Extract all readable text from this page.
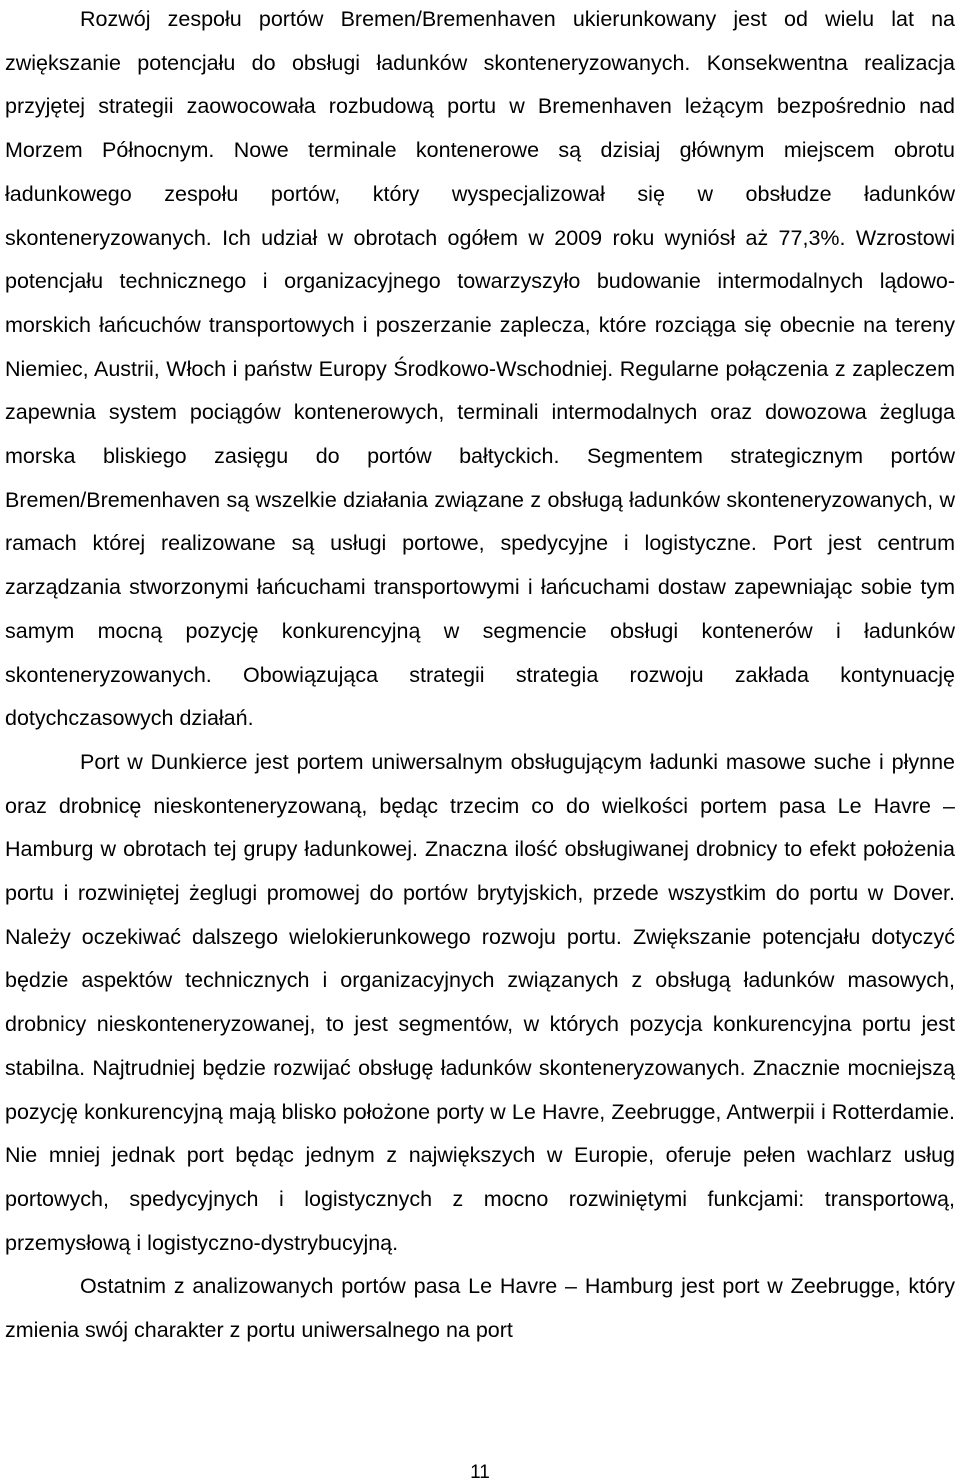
Rozwój zespołu portów Bremen/Bremenhaven ukierunkowany jest od wielu lat na zwiększanie potencjału do obsługi ładunków skonteneryzowanych. Konsekwentna realizacja przyjętej strategii zaowocowała rozbudową portu w Bremenhaven leżącym bezpośrednio nad Morzem Północnym. Nowe terminale kontenerowe są dzisiaj głównym miejscem obrotu ładunkowego zespołu portów, który wyspecjalizował się w obsłudze ładunków skonteneryzowanych. Ich udział w obrotach ogółem w 2009 roku wyniósł aż 77,3%. Wzrostowi potencjału technicznego i organizacyjnego towarzyszyło budowanie intermodalnych lądowo-morskich łańcuchów transportowych i poszerzanie zaplecza, które rozciąga się obecnie na tereny Niemiec, Austrii, Włoch i państw Europy Środkowo-Wschodniej. Regularne połączenia z zapleczem zapewnia system pociągów kontenerowych, terminali intermodalnych oraz dowozowa żegluga morska bliskiego zasięgu do portów bałtyckich. Segmentem strategicznym portów Bremen/Bremenhaven są wszelkie działania związane z obsługą ładunków skonteneryzowanych, w ramach której realizowane są usługi portowe, spedycyjne i logistyczne. Port jest centrum zarządzania stworzonymi łańcuchami transportowymi i łańcuchami dostaw zapewniając sobie tym samym mocną pozycję konkurencyjną w segmencie obsługi kontenerów i ładunków skonteneryzowanych. Obowiązująca strategii strategia rozwoju zakłada kontynuację dotychczasowych działań.

Port w Dunkierce jest portem uniwersalnym obsługującym ładunki masowe suche i płynne oraz drobnicę nieskonteneryzowaną, będąc trzecim co do wielkości portem pasa Le Havre – Hamburg w obrotach tej grupy ładunkowej. Znaczna ilość obsługiwanej drobnicy to efekt położenia portu i rozwiniętej żeglugi promowej do portów brytyjskich, przede wszystkim do portu w Dover. Należy oczekiwać dalszego wielokierunkowego rozwoju portu. Zwiększanie potencjału dotyczyć będzie aspektów technicznych i organizacyjnych związanych z obsługą ładunków masowych, drobnicy nieskonteneryzowanej, to jest segmentów, w których pozycja konkurencyjna portu jest stabilna. Najtrudniej będzie rozwijać obsługę ładunków skonteneryzowanych. Znacznie mocniejszą pozycję konkurencyjną mają blisko położone porty w Le Havre, Zeebrugge, Antwerpii i Rotterdamie. Nie mniej jednak port będąc jednym z największych w Europie, oferuje pełen wachlarz usług portowych, spedycyjnych i logistycznych z mocno rozwiniętymi funkcjami: transportową, przemysłową i logistyczno-dystrybucyjną.

Ostatnim z analizowanych portów pasa Le Havre – Hamburg jest port w Zeebrugge, który zmienia swój charakter z portu uniwersalnego na port

11
